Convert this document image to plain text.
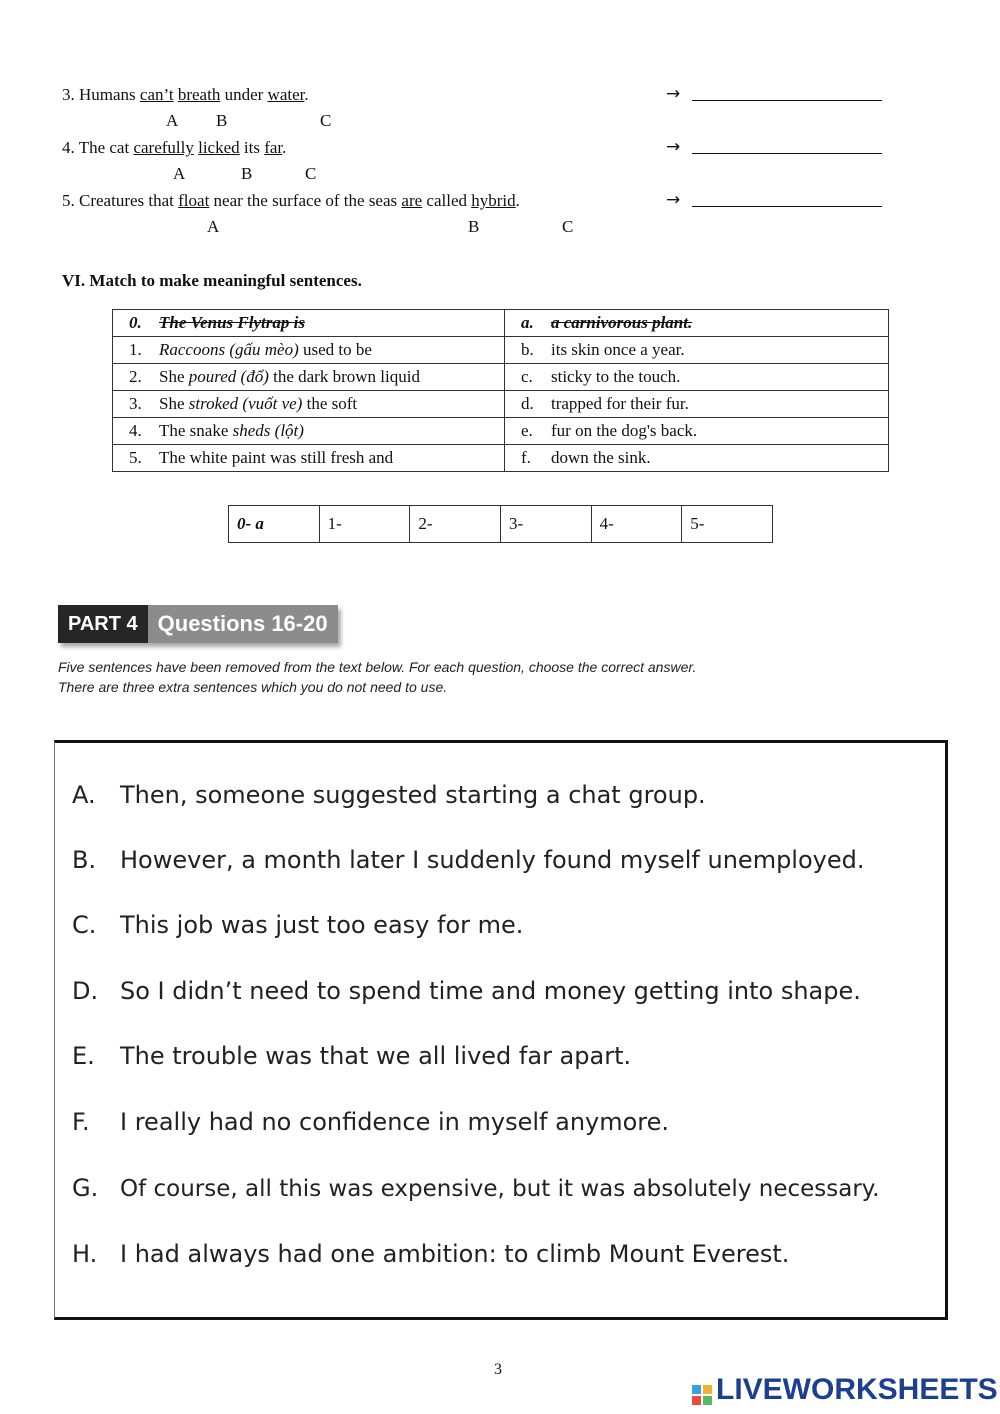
3. Humans can’t breath under water.
A B	C
→
4. The cat carefully licked its far.
A	B	C
→
5. Creatures that float near the surface of the seas are called hybrid.
A	B	C
→
VI. Match to make meaningful sentences.
0. The Venus Flytrap is	a. a carnivorous plant.
1. Raccoons (gấu mèo) used to be	b. its skin once a year.
2. She poured (đổ) the dark brown liquid	c. sticky to the touch.
3. She stroked (vuốt ve) the soft	d. trapped for their fur.
4. The snake sheds (lột)	e. fur on the dog's back.
5. The white paint was still fresh and	f. down the sink.
0- a	1-	2-	3-	4-	5-
PART 4 Questions 16-20
Five sentences have been removed from the text below. For each question, choose the correct answer.
There are three extra sentences which you do not need to use.
A. Then, someone suggested starting a chat group.
B. However, a month later I suddenly found myself unemployed.
C. This job was just too easy for me.
D. So I didn’t need to spend time and money getting into shape.
E. The trouble was that we all lived far apart.
F. I really had no confidence in myself anymore.
G. Of course, all this was expensive, but it was absolutely necessary.
H. I had always had one ambition: to climb Mount Everest.
3
LIVEWORKSHEETS
